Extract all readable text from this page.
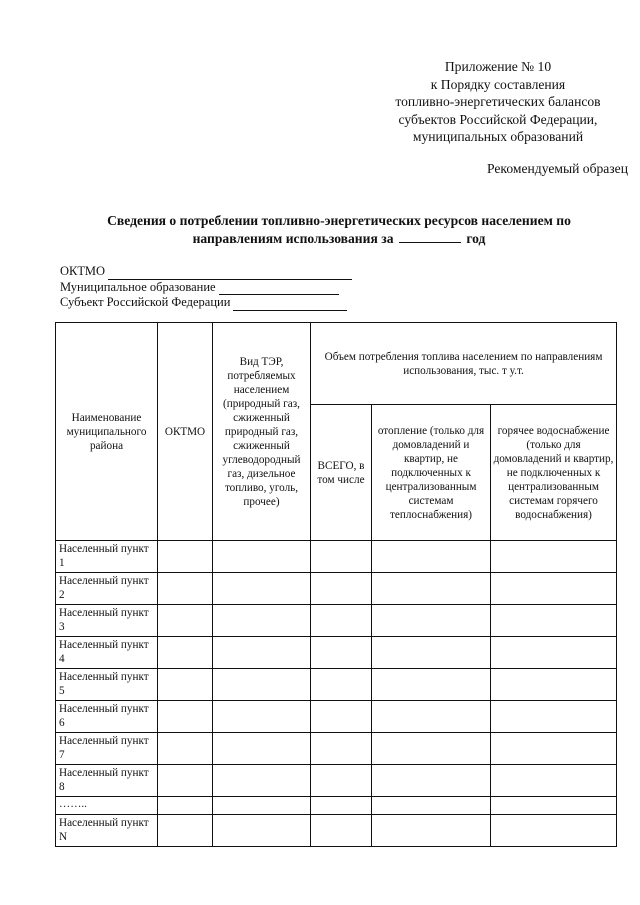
Приложение № 10
к Порядку составления
топливно-энергетических балансов
субъектов Российской Федерации,
муниципальных образований
Рекомендуемый образец
Сведения о потреблении топливно-энергетических ресурсов населением по
направлениям использования за	год
ОКТМО
Муниципальное образование
Субъект Российской Федерации
Наименование муниципального района	ОКТМО	Вид ТЭР, потребляемых населением (природный газ, сжиженный природный газ, сжиженный углеводородный газ, дизельное топливо, уголь, прочее)	Объем потребления топлива населением по направлениям использования, тыс. т у.т.		
			ВСЕГО, в том числе	отопление (только для домовладений и квартир, не подключенных к централизованным системам теплоснабжения)	горячее водоснабжение (только для домовладений и квартир, не подключенных к централизованным системам горячего водоснабжения)
Населенный пункт 1					
Населенный пункт 2					
Населенный пункт 3					
Населенный пункт 4					
Населенный пункт 5					
Населенный пункт 6					
Населенный пункт 7					
Населенный пункт 8					
……..					
Населенный пункт N					
